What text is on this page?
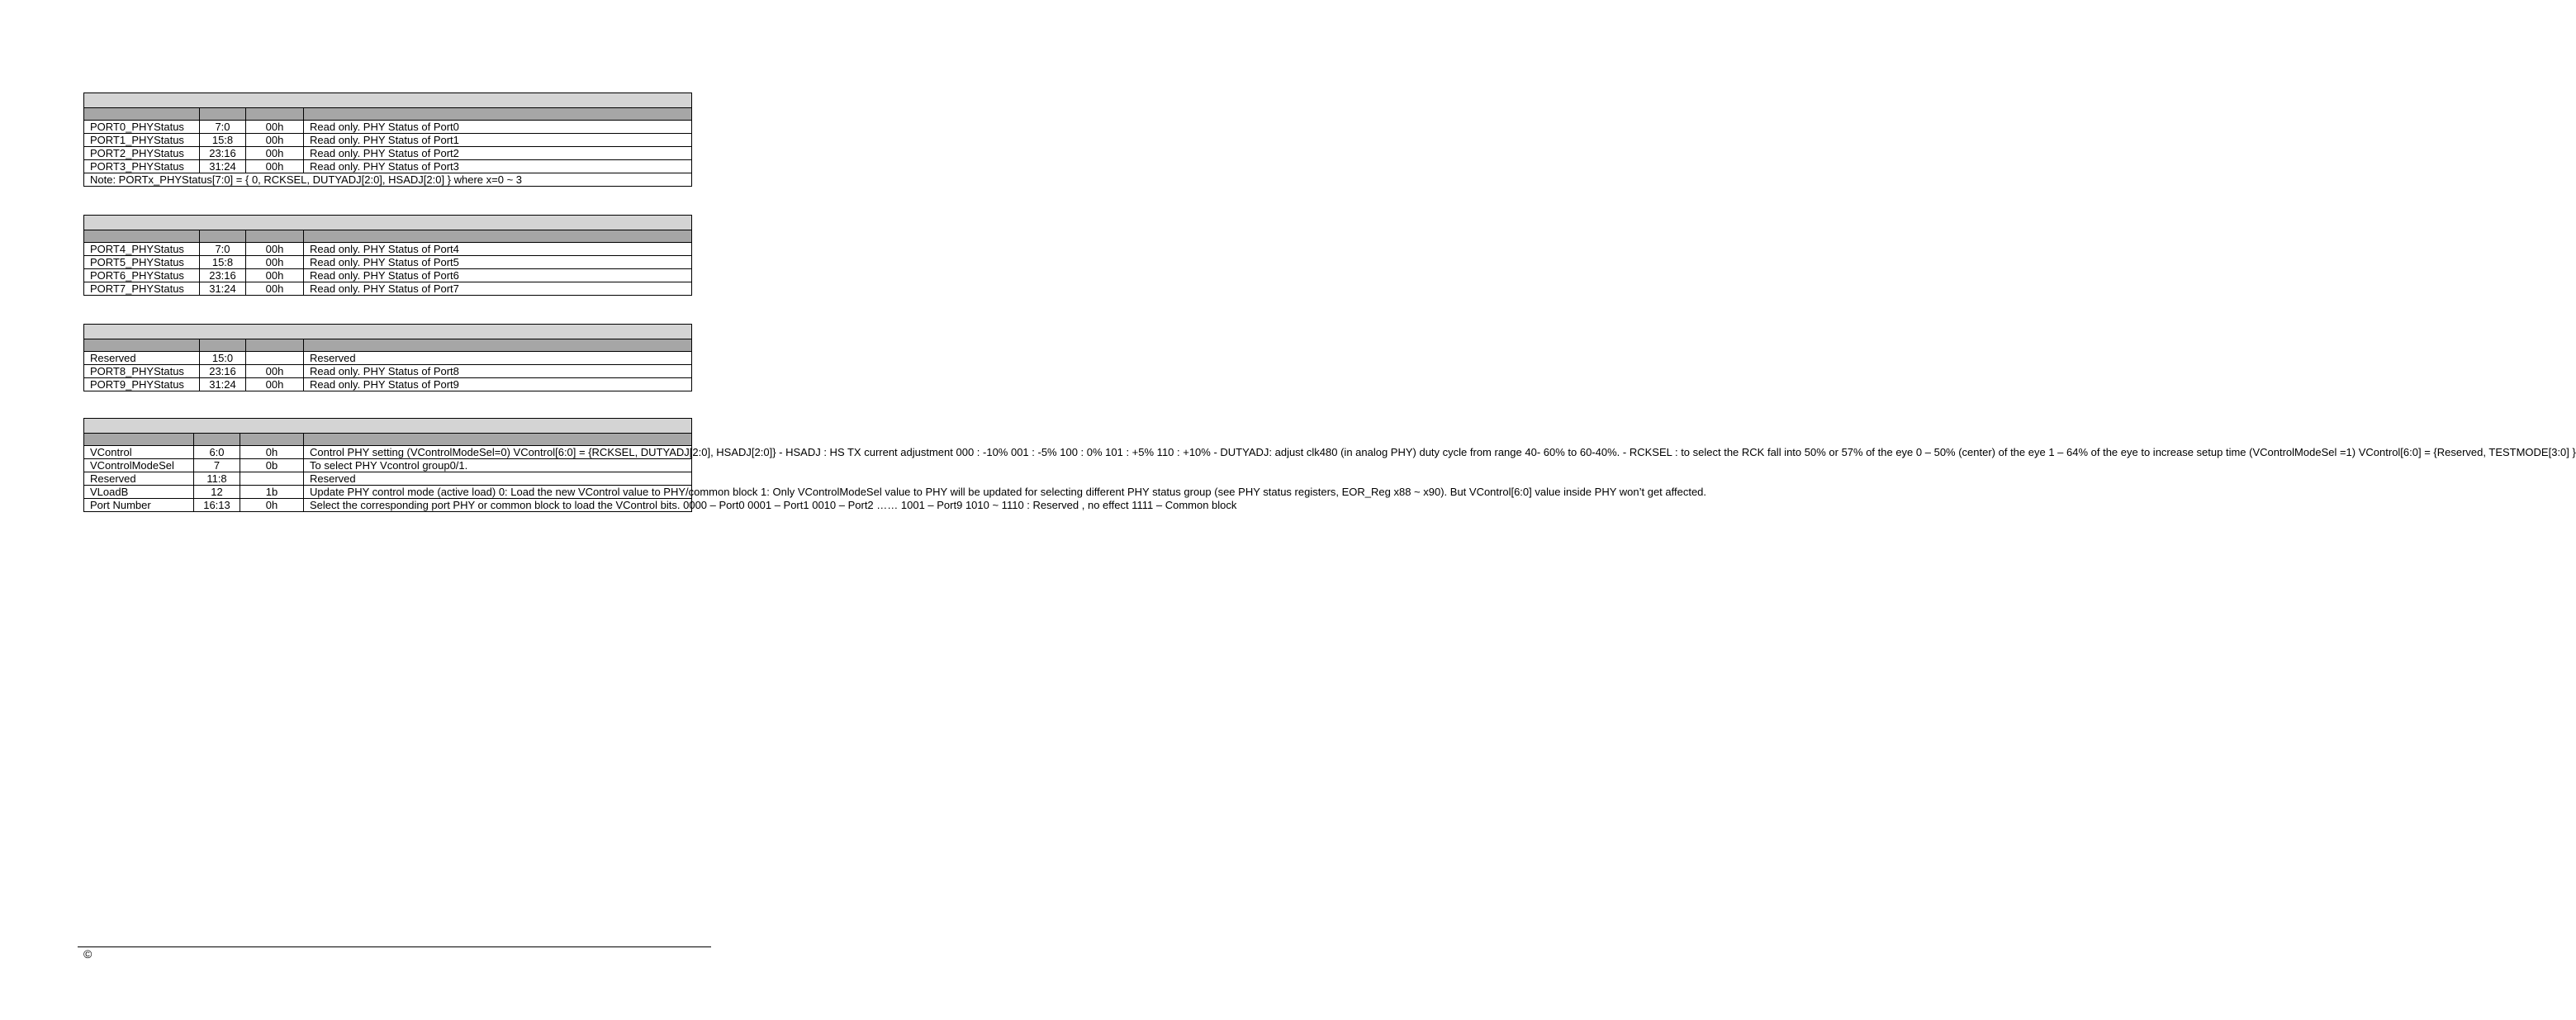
PORT0_PHYStatus	7:0	00h	Read only. PHY Status of Port0
PORT1_PHYStatus	15:8	00h	Read only. PHY Status of Port1
PORT2_PHYStatus	23:16	00h	Read only. PHY Status of Port2
PORT3_PHYStatus	31:24	00h	Read only. PHY Status of Port3
Note: PORTx_PHYStatus[7:0] = { 0, RCKSEL, DUTYADJ[2:0], HSADJ[2:0] } where x=0 ~ 3			

PORT4_PHYStatus	7:0	00h	Read only. PHY Status of Port4
PORT5_PHYStatus	15:8	00h	Read only. PHY Status of Port5
PORT6_PHYStatus	23:16	00h	Read only. PHY Status of Port6
PORT7_PHYStatus	31:24	00h	Read only. PHY Status of Port7

Reserved	15:0		Reserved
PORT8_PHYStatus	23:16	00h	Read only. PHY Status of Port8
PORT9_PHYStatus	31:24	00h	Read only. PHY Status of Port9

VControl	6:0	0h	Control PHY setting (VControlModeSel=0) VControl[6:0] = {RCKSEL, DUTYADJ[2:0], HSADJ[2:0]} - HSADJ : HS TX current adjustment 000 : -10% 001 : -5% 100 : 0% 101 : +5% 110 : +10% - DUTYADJ: adjust clk480 (in analog PHY) duty cycle from range 40- 60% to 60-40%. - RCKSEL : to select the RCK fall into 50% or 57% of the eye 0 – 50% (center) of the eye 1 – 64% of the eye to increase setup time (VControlModeSel =1) VControl[6:0] = {Reserved, TESTMODE[3:0] }
VControlModeSel	7	0b	To select PHY Vcontrol group0/1.
Reserved	11:8		Reserved
VLoadB	12	1b	Update PHY control mode (active load) 0: Load the new VControl value to PHY/common block 1: Only VControlModeSel value to PHY will be updated for selecting different PHY status group (see PHY status registers, EOR_Reg x88 ~ x90). But VControl[6:0] value inside PHY won’t get affected.
Port Number	16:13	0h	Select the corresponding port PHY or common block to load the VControl bits. 0000 – Port0 0001 – Port1 0010 – Port2 …… 1001 – Port9 1010 ~ 1110 : Reserved , no effect 1111 – Common block
©
